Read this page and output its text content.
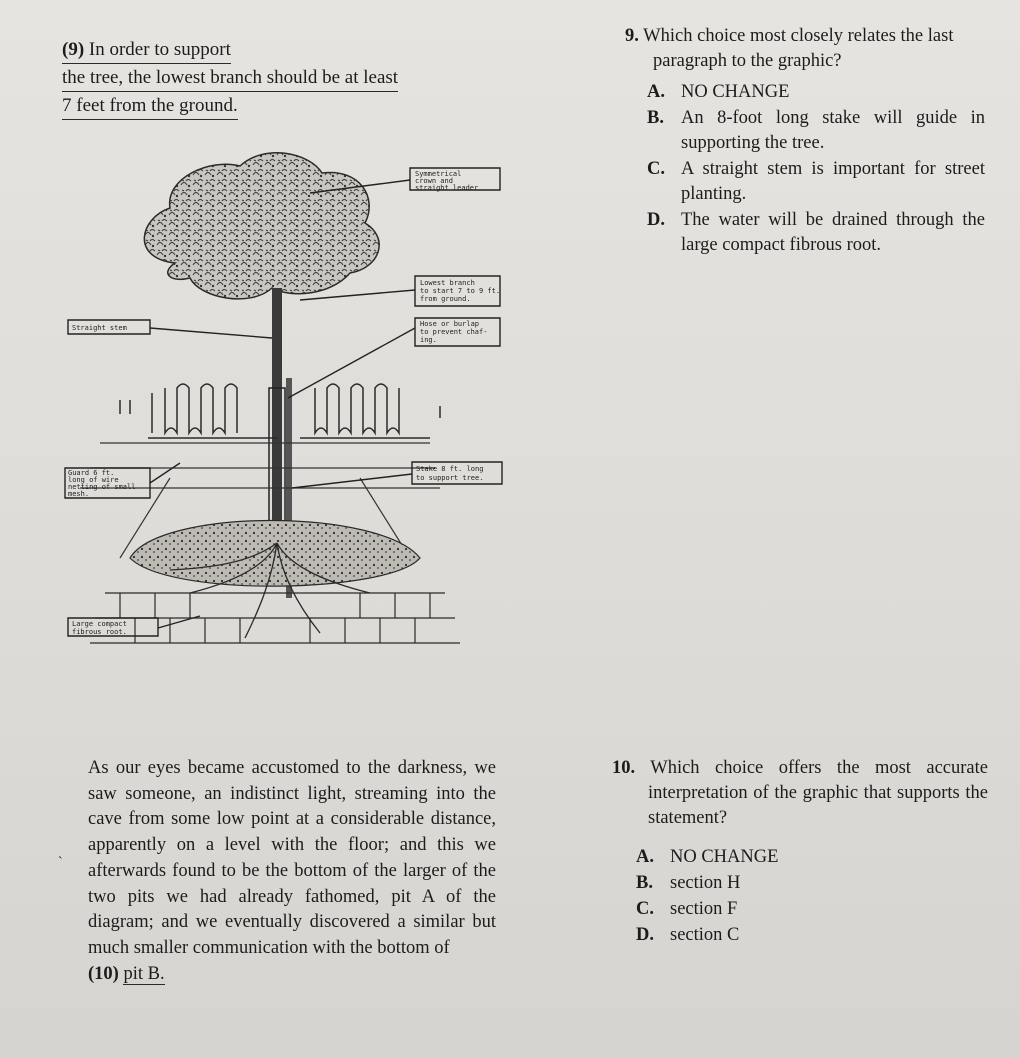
(9) In order to support
the tree, the lowest branch should be at least
7 feet from the ground.
9. Which choice most closely relates the last paragraph to the graphic?
A. NO CHANGE
B. An 8-foot long stake will guide in supporting the tree.
C. A straight stem is important for street planting.
D. The water will be drained through the large compact fibrous root.
Symmetrical
crown and
straight leader
Lowest branch
to start 7 to 9 ft.
from ground.
Hose or burlap
to prevent chaf-
ing.
Straight stem
Stake 8 ft. long
to support tree.
Guard 6 ft.
long of wire
netting of small
mesh.
Large compact
fibrous root.
ˋ
As our eyes became accustomed to the darkness, we saw someone, an indistinct light, streaming into the cave from some low point at a considerable distance, apparently on a level with the floor; and this we afterwards found to be the bottom of the larger of the two pits we had already fathomed, pit A of the diagram; and we eventually discovered a similar but much smaller communication with the bottom of
(10) pit B.
10. Which choice offers the most accurate interpretation of the graphic that supports the statement?
A. NO CHANGE
B. section H
C. section F
D. section C
